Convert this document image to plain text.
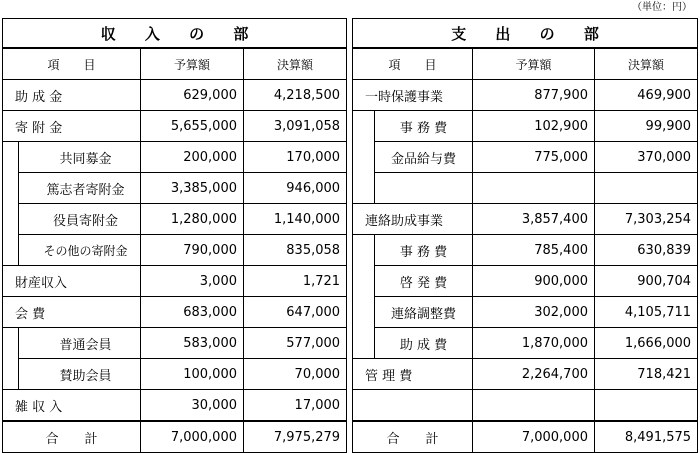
（単位：円）
収 入 の 部			
項　　目		予算額	決算額
助 成 金		629,000	4,218,500
寄 附 金		5,655,000	3,091,058
	共同募金	200,000	170,000
	篤志者寄附金	3,385,000	946,000
	役員寄附金	1,280,000	1,140,000
	その他の寄附金	790,000	835,058
財産収入		3,000	1,721
会 費		683,000	647,000
	普通会員	583,000	577,000
	賛助会員	100,000	70,000
雑 収 入		30,000	17,000
合　　計		7,000,000	7,975,279
支 出 の 部			
項　　目		予算額	決算額
一時保護事業		877,900	469,900
	事 務 費	102,900	99,900
	金品給与費	775,000	370,000

連絡助成事業		3,857,400	7,303,254
	事 務 費	785,400	630,839
	啓 発 費	900,000	900,704
	連絡調整費	302,000	4,105,711
	助 成 費	1,870,000	1,666,000
管 理 費		2,264,700	718,421

合　　計		7,000,000	8,491,575
